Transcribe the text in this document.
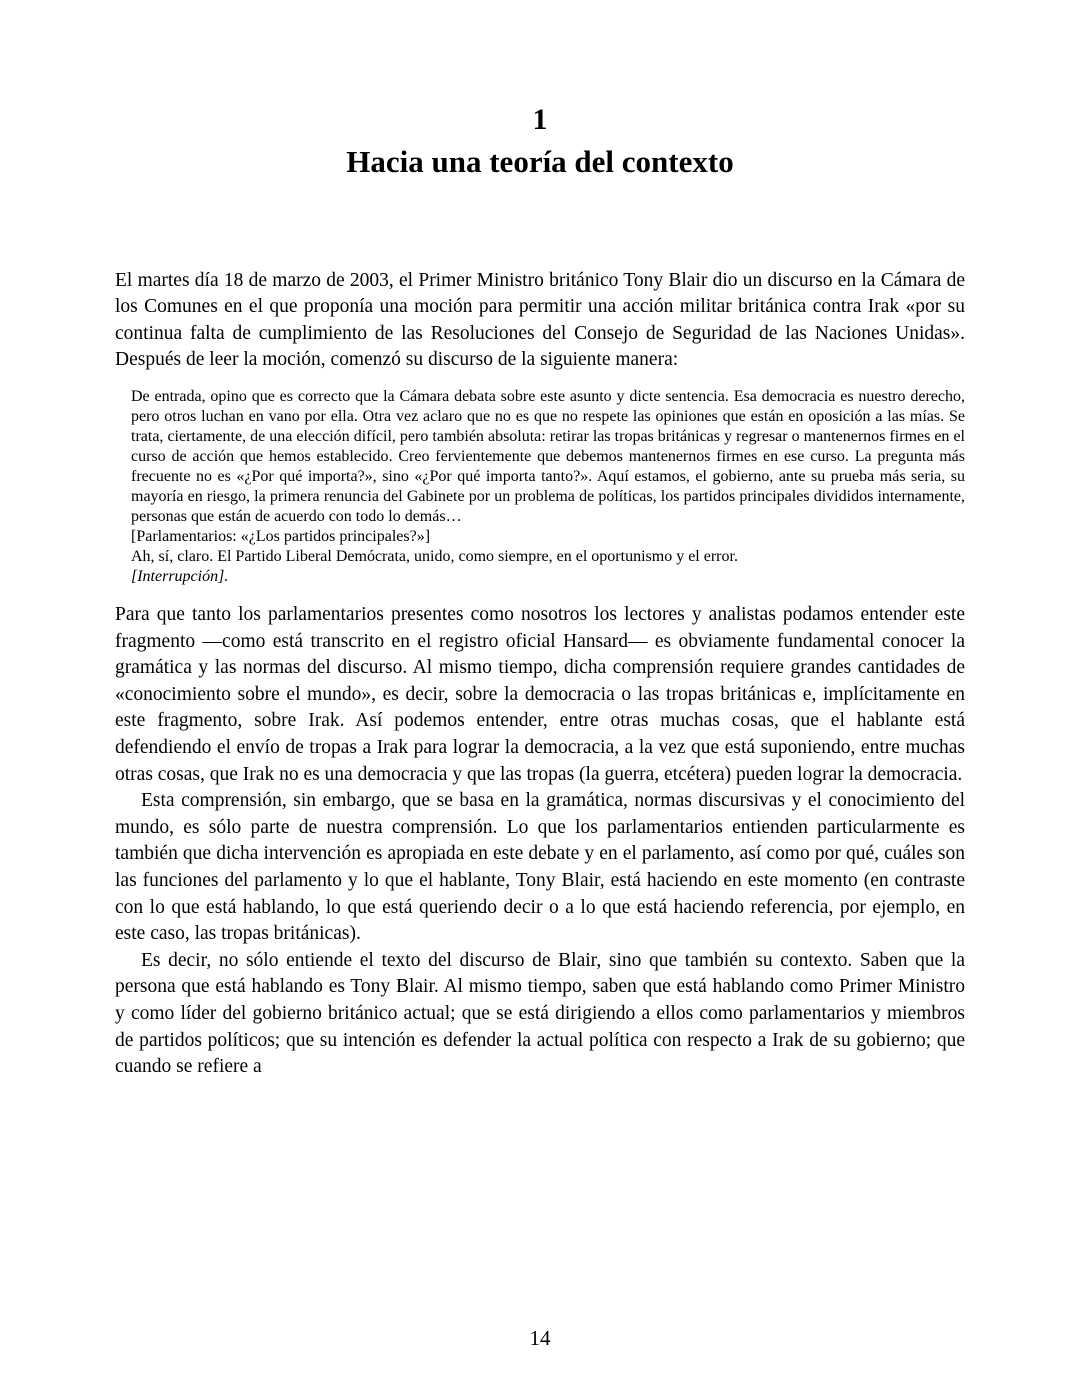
1
Hacia una teoría del contexto

El martes día 18 de marzo de 2003, el Primer Ministro británico Tony Blair dio un discurso en la Cámara de los Comunes en el que proponía una moción para permitir una acción militar británica contra Irak «por su continua falta de cumplimiento de las Resoluciones del Consejo de Seguridad de las Naciones Unidas». Después de leer la moción, comenzó su discurso de la siguiente manera:

De entrada, opino que es correcto que la Cámara debata sobre este asunto y dicte sentencia. Esa democracia es nuestro derecho, pero otros luchan en vano por ella. Otra vez aclaro que no es que no respete las opiniones que están en oposición a las mías. Se trata, ciertamente, de una elección difícil, pero también absoluta: retirar las tropas británicas y regresar o mantenernos firmes en el curso de acción que hemos establecido. Creo fervientemente que debemos mantenernos firmes en ese curso. La pregunta más frecuente no es «¿Por qué importa?», sino «¿Por qué importa tanto?». Aquí estamos, el gobierno, ante su prueba más seria, su mayoría en riesgo, la primera renuncia del Gabinete por un problema de políticas, los partidos principales divididos internamente, personas que están de acuerdo con todo lo demás…

[Parlamentarios: «¿Los partidos principales?»]

Ah, sí, claro. El Partido Liberal Demócrata, unido, como siempre, en el oportunismo y el error.

[Interrupción].

Para que tanto los parlamentarios presentes como nosotros los lectores y analistas podamos entender este fragmento —como está transcrito en el registro oficial Hansard— es obviamente fundamental conocer la gramática y las normas del discurso. Al mismo tiempo, dicha comprensión requiere grandes cantidades de «conocimiento sobre el mundo», es decir, sobre la democracia o las tropas británicas e, implícitamente en este fragmento, sobre Irak. Así podemos entender, entre otras muchas cosas, que el hablante está defendiendo el envío de tropas a Irak para lograr la democracia, a la vez que está suponiendo, entre muchas otras cosas, que Irak no es una democracia y que las tropas (la guerra, etcétera) pueden lograr la democracia.

Esta comprensión, sin embargo, que se basa en la gramática, normas discursivas y el conocimiento del mundo, es sólo parte de nuestra comprensión. Lo que los parlamentarios entienden particularmente es también que dicha intervención es apropiada en este debate y en el parlamento, así como por qué, cuáles son las funciones del parlamento y lo que el hablante, Tony Blair, está haciendo en este momento (en contraste con lo que está hablando, lo que está queriendo decir o a lo que está haciendo referencia, por ejemplo, en este caso, las tropas británicas).

Es decir, no sólo entiende el texto del discurso de Blair, sino que también su contexto. Saben que la persona que está hablando es Tony Blair. Al mismo tiempo, saben que está hablando como Primer Ministro y como líder del gobierno británico actual; que se está dirigiendo a ellos como parlamentarios y miembros de partidos políticos; que su intención es defender la actual política con respecto a Irak de su gobierno; que cuando se refiere a

14
